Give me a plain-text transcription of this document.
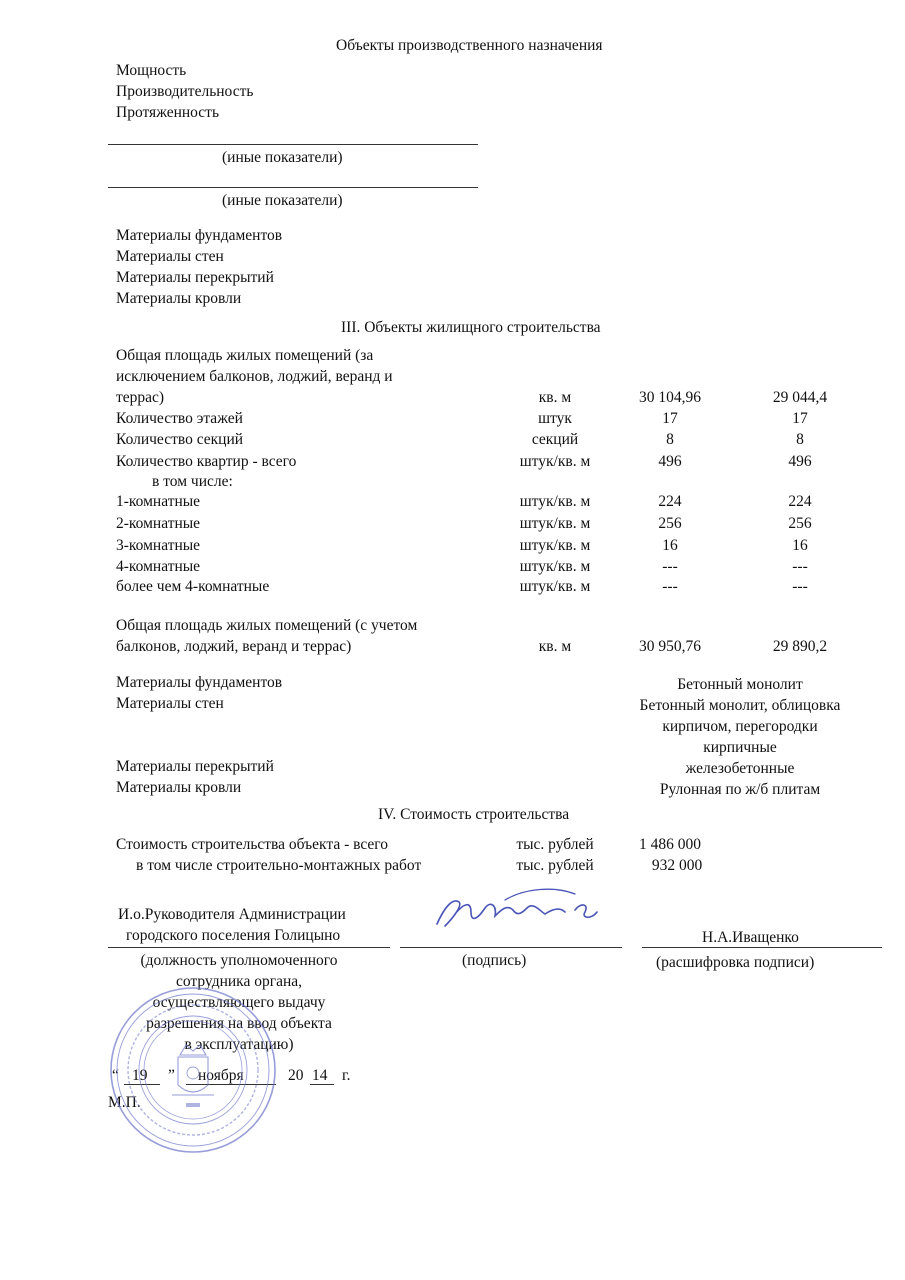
Объекты производственного назначения
Мощность
Производительность
Протяженность
(иные показатели)
(иные показатели)
Материалы фундаментов
Материалы стен
Материалы перекрытий
Материалы кровли
III. Объекты жилищного строительства
Общая площадь жилых помещений (за
исключением балконов, лоджий, веранд и
террас)	кв. м	30 104,96	29 044,4
Количество этажей	штук	17	17
Количество секций	секций	8	8
Количество квартир - всего	штук/кв. м	496	496
в том числе:
1-комнатные	штук/кв. м	224	224
2-комнатные	штук/кв. м	256	256
3-комнатные	штук/кв. м	16	16
4-комнатные	штук/кв. м	---	---
более чем 4-комнатные	штук/кв. м	---	---
Общая площадь жилых помещений (с учетом
балконов, лоджий, веранд и террас)	кв. м	30 950,76	29 890,2
Материалы фундаментов	Бетонный монолит
Материалы стен	Бетонный монолит, облицовка
кирпичом, перегородки
кирпичные
Материалы перекрытий	железобетонные
Материалы кровли	Рулонная по ж/б плитам
IV. Стоимость строительства
Стоимость строительства объекта - всего	тыс. рублей	1 486 000
в том числе строительно-монтажных работ	тыс. рублей	932 000
И.о.Руководителя Администрации
городского поселения Голицыно	Н.А.Иващенко
(должность уполномоченного
сотрудника органа,
осуществляющего выдачу
разрешения на ввод объекта
в эксплуатацию)
(подпись)	(расшифровка подписи)
“ 19 ” ноября	20 14 г.
М.П.
